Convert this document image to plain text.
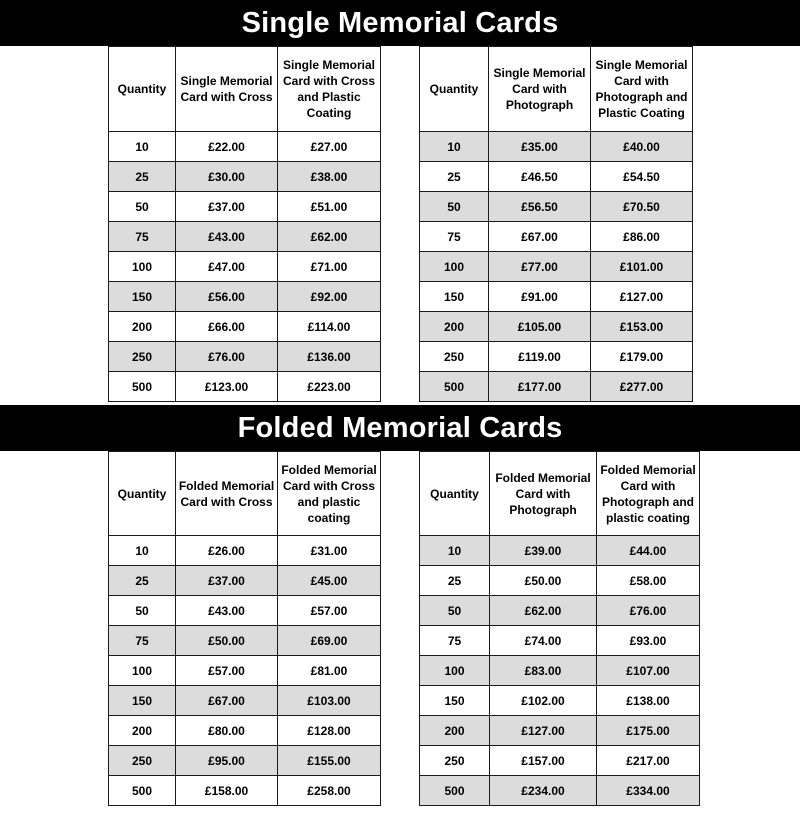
Single Memorial Cards
Folded Memorial Cards
Quantity	Single Memorial Card with Cross	Single Memorial Card with Cross and Plastic Coating
10	£22.00	£27.00
25	£30.00	£38.00
50	£37.00	£51.00
75	£43.00	£62.00
100	£47.00	£71.00
150	£56.00	£92.00
200	£66.00	£114.00
250	£76.00	£136.00
500	£123.00	£223.00
Quantity	Single Memorial Card with Photograph	Single Memorial Card with Photograph and Plastic Coating
10	£35.00	£40.00
25	£46.50	£54.50
50	£56.50	£70.50
75	£67.00	£86.00
100	£77.00	£101.00
150	£91.00	£127.00
200	£105.00	£153.00
250	£119.00	£179.00
500	£177.00	£277.00
Quantity	Folded Memorial Card with Cross	Folded Memorial Card with Cross and plastic coating
10	£26.00	£31.00
25	£37.00	£45.00
50	£43.00	£57.00
75	£50.00	£69.00
100	£57.00	£81.00
150	£67.00	£103.00
200	£80.00	£128.00
250	£95.00	£155.00
500	£158.00	£258.00
Quantity	Folded Memorial Card with Photograph	Folded Memorial Card with Photograph and plastic coating
10	£39.00	£44.00
25	£50.00	£58.00
50	£62.00	£76.00
75	£74.00	£93.00
100	£83.00	£107.00
150	£102.00	£138.00
200	£127.00	£175.00
250	£157.00	£217.00
500	£234.00	£334.00
